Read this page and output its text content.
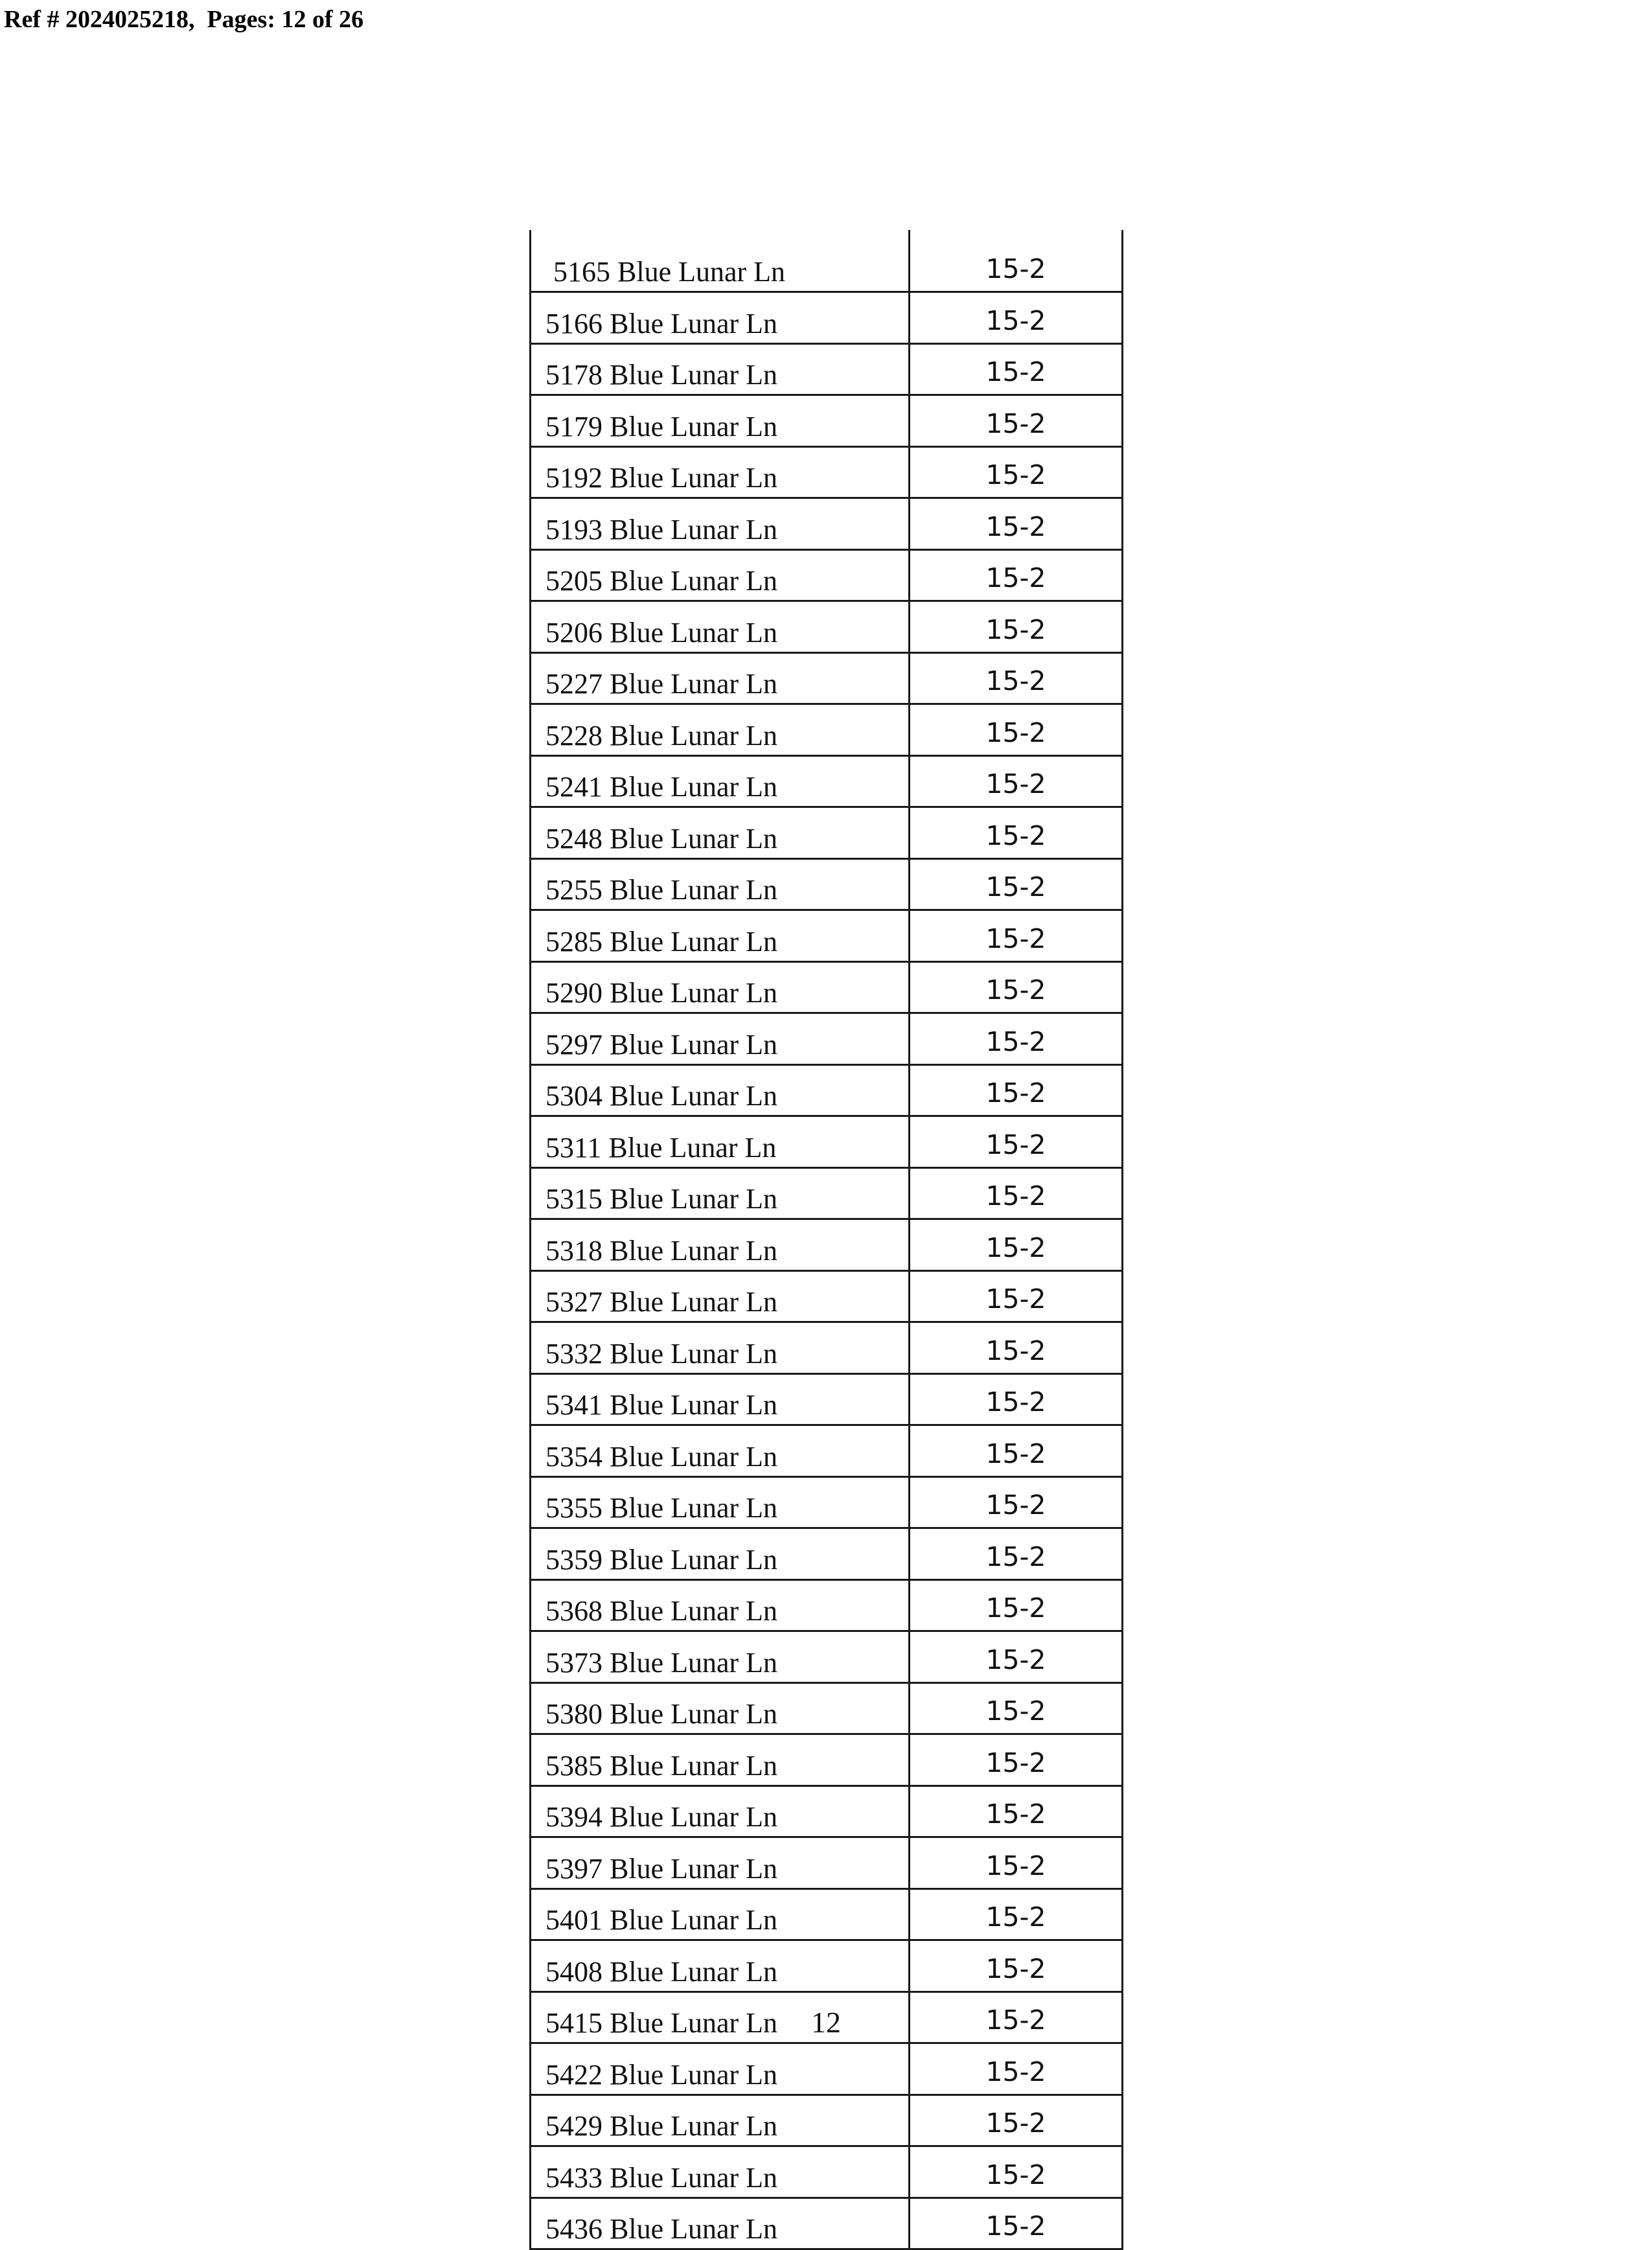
Ref # 2024025218,  Pages: 12 of 26
5165 Blue Lunar Ln	15-2
5166 Blue Lunar Ln	15-2
5178 Blue Lunar Ln	15-2
5179 Blue Lunar Ln	15-2
5192 Blue Lunar Ln	15-2
5193 Blue Lunar Ln	15-2
5205 Blue Lunar Ln	15-2
5206 Blue Lunar Ln	15-2
5227 Blue Lunar Ln	15-2
5228 Blue Lunar Ln	15-2
5241 Blue Lunar Ln	15-2
5248 Blue Lunar Ln	15-2
5255 Blue Lunar Ln	15-2
5285 Blue Lunar Ln	15-2
5290 Blue Lunar Ln	15-2
5297 Blue Lunar Ln	15-2
5304 Blue Lunar Ln	15-2
5311 Blue Lunar Ln	15-2
5315 Blue Lunar Ln	15-2
5318 Blue Lunar Ln	15-2
5327 Blue Lunar Ln	15-2
5332 Blue Lunar Ln	15-2
5341 Blue Lunar Ln	15-2
5354 Blue Lunar Ln	15-2
5355 Blue Lunar Ln	15-2
5359 Blue Lunar Ln	15-2
5368 Blue Lunar Ln	15-2
5373 Blue Lunar Ln	15-2
5380 Blue Lunar Ln	15-2
5385 Blue Lunar Ln	15-2
5394 Blue Lunar Ln	15-2
5397 Blue Lunar Ln	15-2
5401 Blue Lunar Ln	15-2
5408 Blue Lunar Ln	15-2
5415 Blue Lunar Ln	15-2
5422 Blue Lunar Ln	15-2
5429 Blue Lunar Ln	15-2
5433 Blue Lunar Ln	15-2
5436 Blue Lunar Ln	15-2
12
